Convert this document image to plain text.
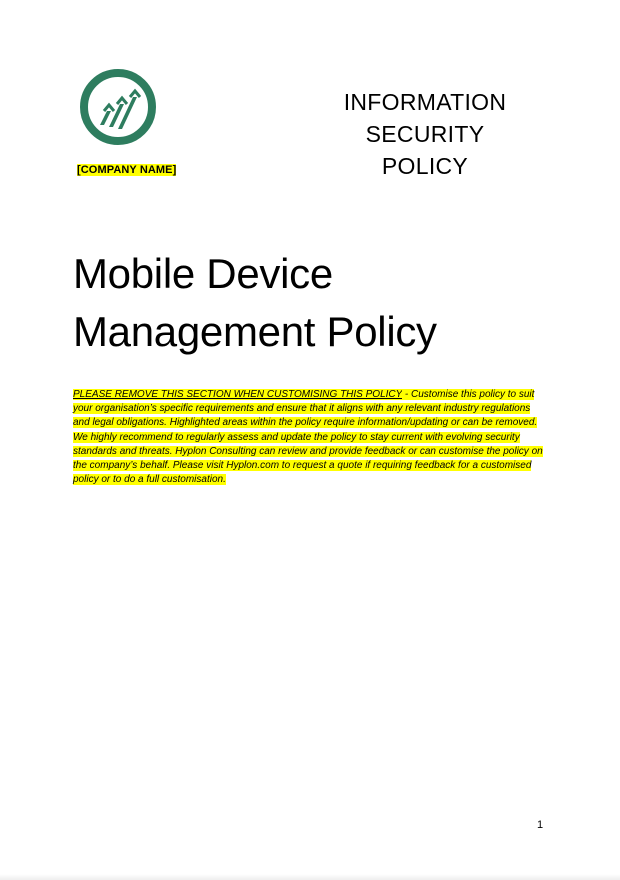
[COMPANY NAME]
INFORMATION
SECURITY POLICY
Mobile Device
Management Policy

PLEASE REMOVE THIS SECTION WHEN CUSTOMISING THIS POLICY - Customise this policy to suit your organisation’s specific requirements and ensure that it aligns with any relevant industry regulations and legal obligations. Highlighted areas within the policy require information/updating or can be removed. We highly recommend to regularly assess and update the policy to stay current with evolving security standards and threats. Hyplon Consulting can review and provide feedback or can customise the policy on the company’s behalf. Please visit Hyplon.com to request a quote if requiring feedback for a customised policy or to do a full customisation.

1
